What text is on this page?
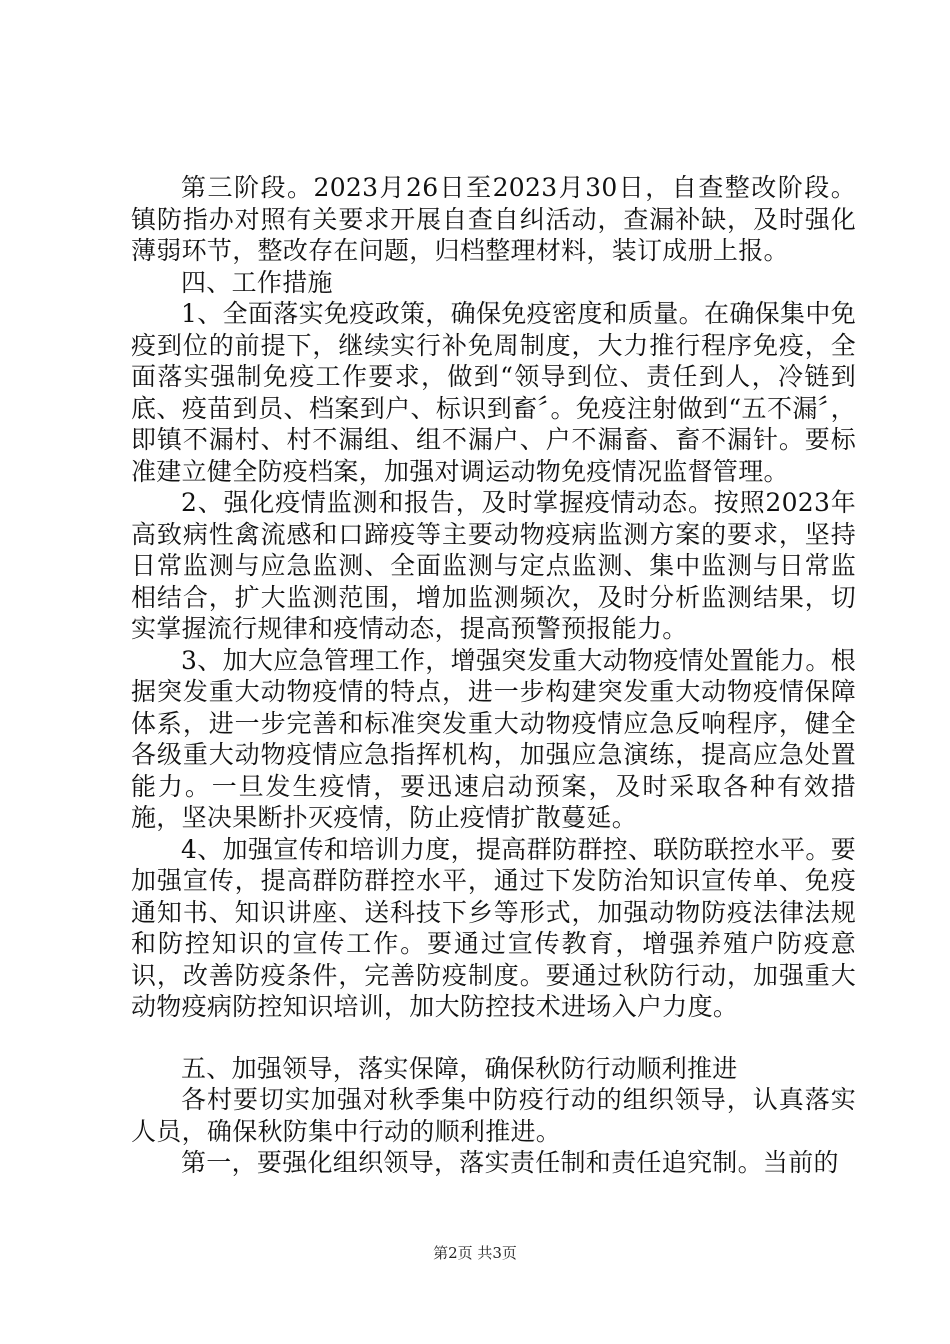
第三阶段。2023月26日至2023月30日，自查整改阶段。镇防指办对照有关要求开展自查自纠活动，查漏补缺，及时强化薄弱环节，整改存在问题，归档整理材料，装订成册上报。

四、工作措施

1、全面落实免疫政策，确保免疫密度和质量。在确保集中免疫到位的前提下，继续实行补免周制度，大力推行程序免疫，全面落实强制免疫工作要求，做到“领导到位、责任到人，冷链到底、疫苗到员、档案到户、标识到畜〞。免疫注射做到“五不漏〞，即镇不漏村、村不漏组、组不漏户、户不漏畜、畜不漏针。要标准建立健全防疫档案，加强对调运动物免疫情况监督管理。

2、强化疫情监测和报告，及时掌握疫情动态。按照2023年高致病性禽流感和口蹄疫等主要动物疫病监测方案的要求，坚持日常监测与应急监测、全面监测与定点监测、集中监测与日常监相结合，扩大监测范围，增加监测频次，及时分析监测结果，切实掌握流行规律和疫情动态，提高预警预报能力。

3、加大应急管理工作，增强突发重大动物疫情处置能力。根据突发重大动物疫情的特点，进一步构建突发重大动物疫情保障体系，进一步完善和标准突发重大动物疫情应急反响程序，健全各级重大动物疫情应急指挥机构，加强应急演练，提高应急处置能力。一旦发生疫情，要迅速启动预案，及时采取各种有效措施，坚决果断扑灭疫情，防止疫情扩散蔓延。

4、加强宣传和培训力度，提高群防群控、联防联控水平。要加强宣传，提高群防群控水平，通过下发防治知识宣传单、免疫通知书、知识讲座、送科技下乡等形式，加强动物防疫法律法规和防控知识的宣传工作。要通过宣传教育，增强养殖户防疫意识，改善防疫条件，完善防疫制度。要通过秋防行动，加强重大动物疫病防控知识培训，加大防控技术进场入户力度。

五、加强领导，落实保障，确保秋防行动顺利推进

各村要切实加强对秋季集中防疫行动的组织领导，认真落实人员，确保秋防集中行动的顺利推进。

第一，要强化组织领导，落实责任制和责任追究制。当前的

第2页 共3页
